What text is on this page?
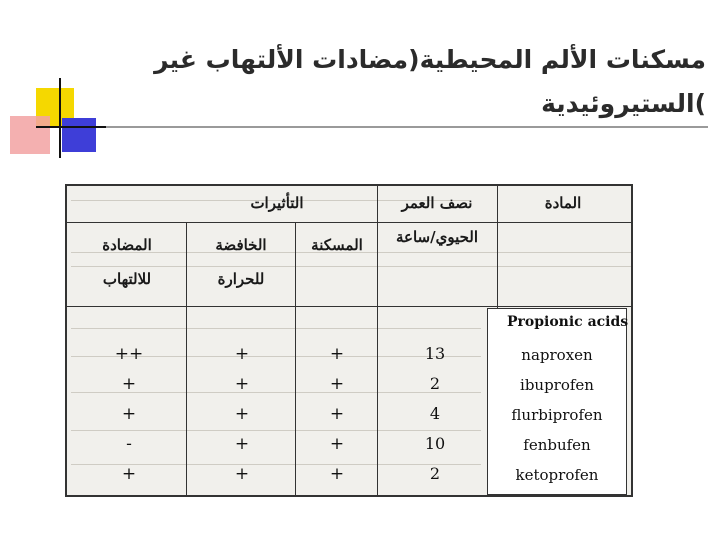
مسكنات الألم المحيطية(مضادات الألتهاب غير
)الستيروئيدية
المادة
نصف العمر
الحيوي/ساعة
التأثيرات
المسكنة
الخافضة
للحرارة
المضادة
للالتهاب
Propionic acids
naproxen
13
+
+
++
ibuprofen
2
+
+
+
flurbiprofen
4
+
+
+
fenbufen
10
+
+
-
ketoprofen
2
+
+
+
